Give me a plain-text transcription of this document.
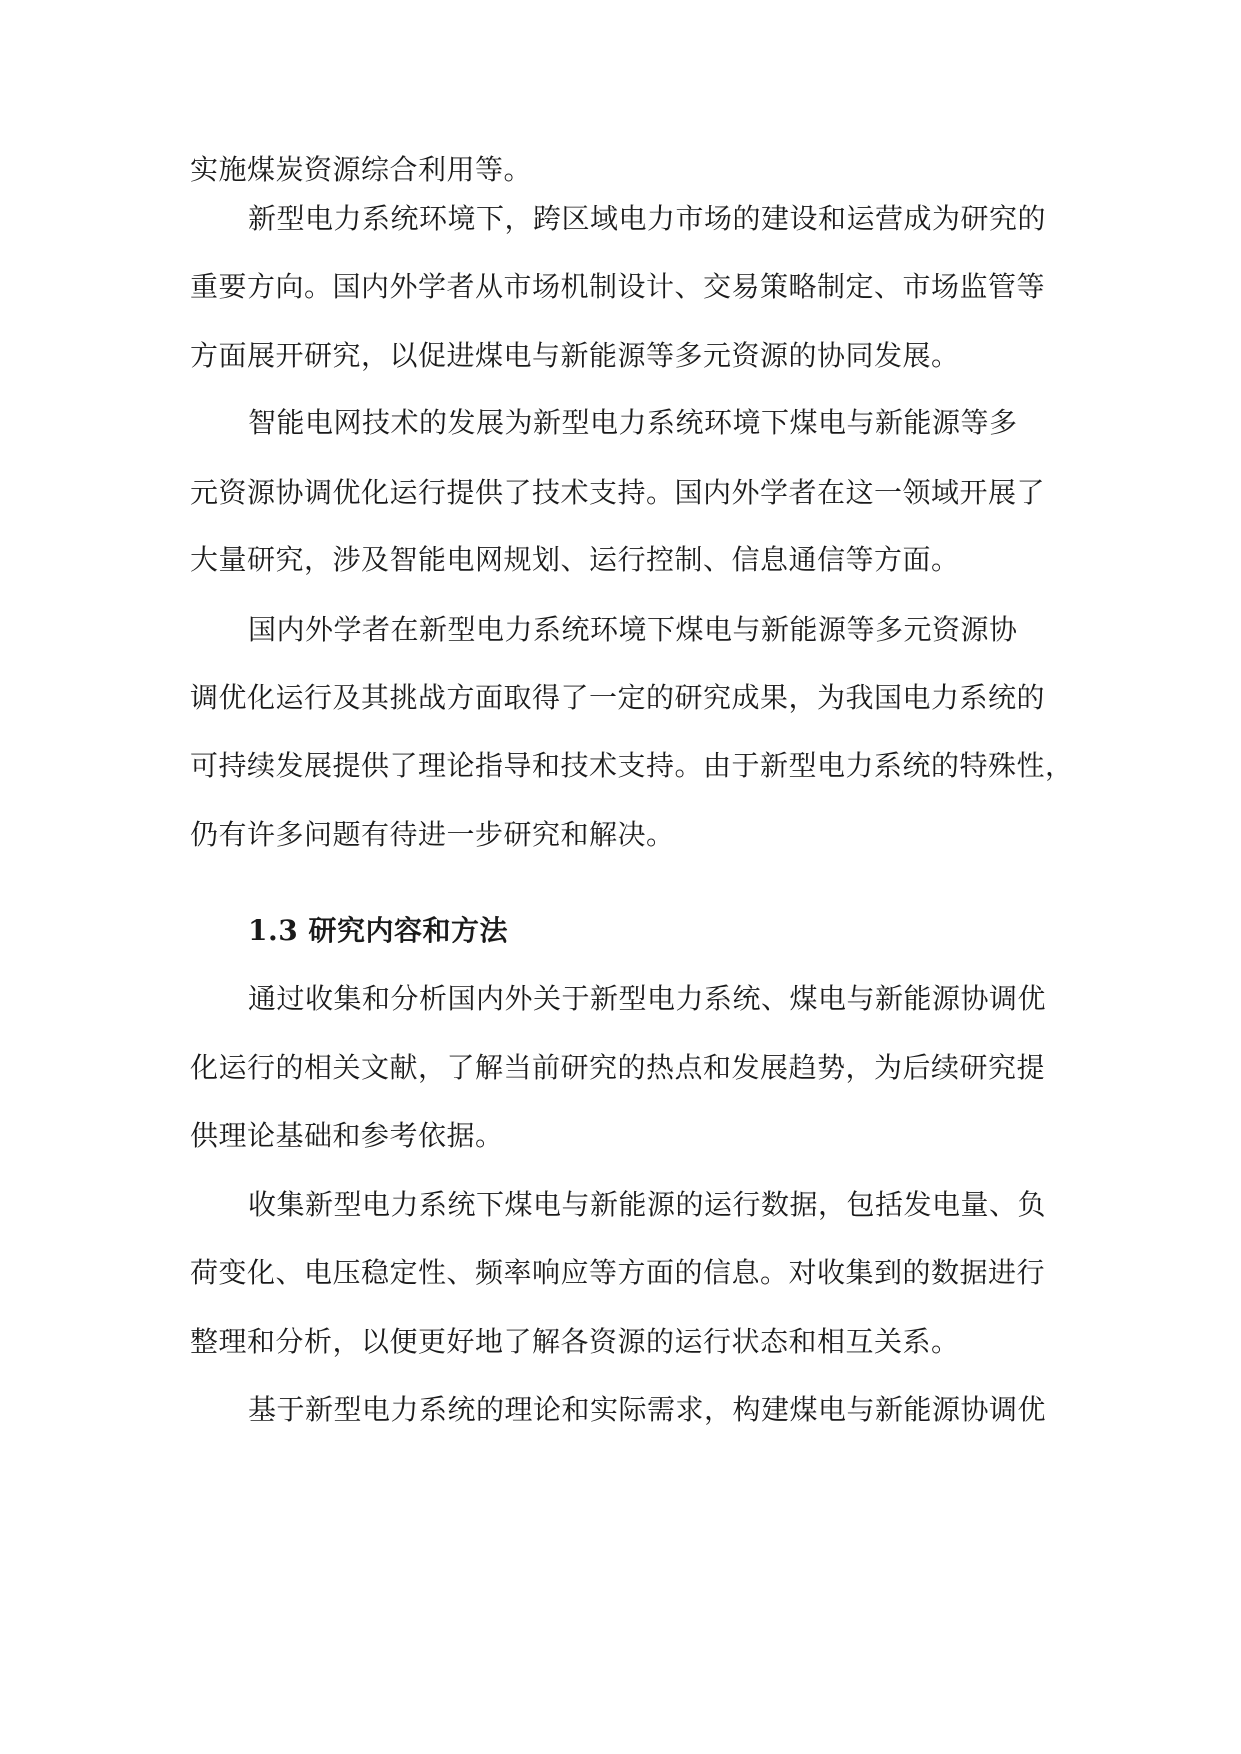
实施煤炭资源综合利用等。
新型电力系统环境下，跨区域电力市场的建设和运营成为研究的
重要方向。国内外学者从市场机制设计、交易策略制定、市场监管等
方面展开研究，以促进煤电与新能源等多元资源的协同发展。
智能电网技术的发展为新型电力系统环境下煤电与新能源等多
元资源协调优化运行提供了技术支持。国内外学者在这一领域开展了
大量研究，涉及智能电网规划、运行控制、信息通信等方面。
国内外学者在新型电力系统环境下煤电与新能源等多元资源协
调优化运行及其挑战方面取得了一定的研究成果，为我国电力系统的
可持续发展提供了理论指导和技术支持。由于新型电力系统的特殊性，
仍有许多问题有待进一步研究和解决。
1.3 研究内容和方法
通过收集和分析国内外关于新型电力系统、煤电与新能源协调优
化运行的相关文献，了解当前研究的热点和发展趋势，为后续研究提
供理论基础和参考依据。
收集新型电力系统下煤电与新能源的运行数据，包括发电量、负
荷变化、电压稳定性、频率响应等方面的信息。对收集到的数据进行
整理和分析，以便更好地了解各资源的运行状态和相互关系。
基于新型电力系统的理论和实际需求，构建煤电与新能源协调优
